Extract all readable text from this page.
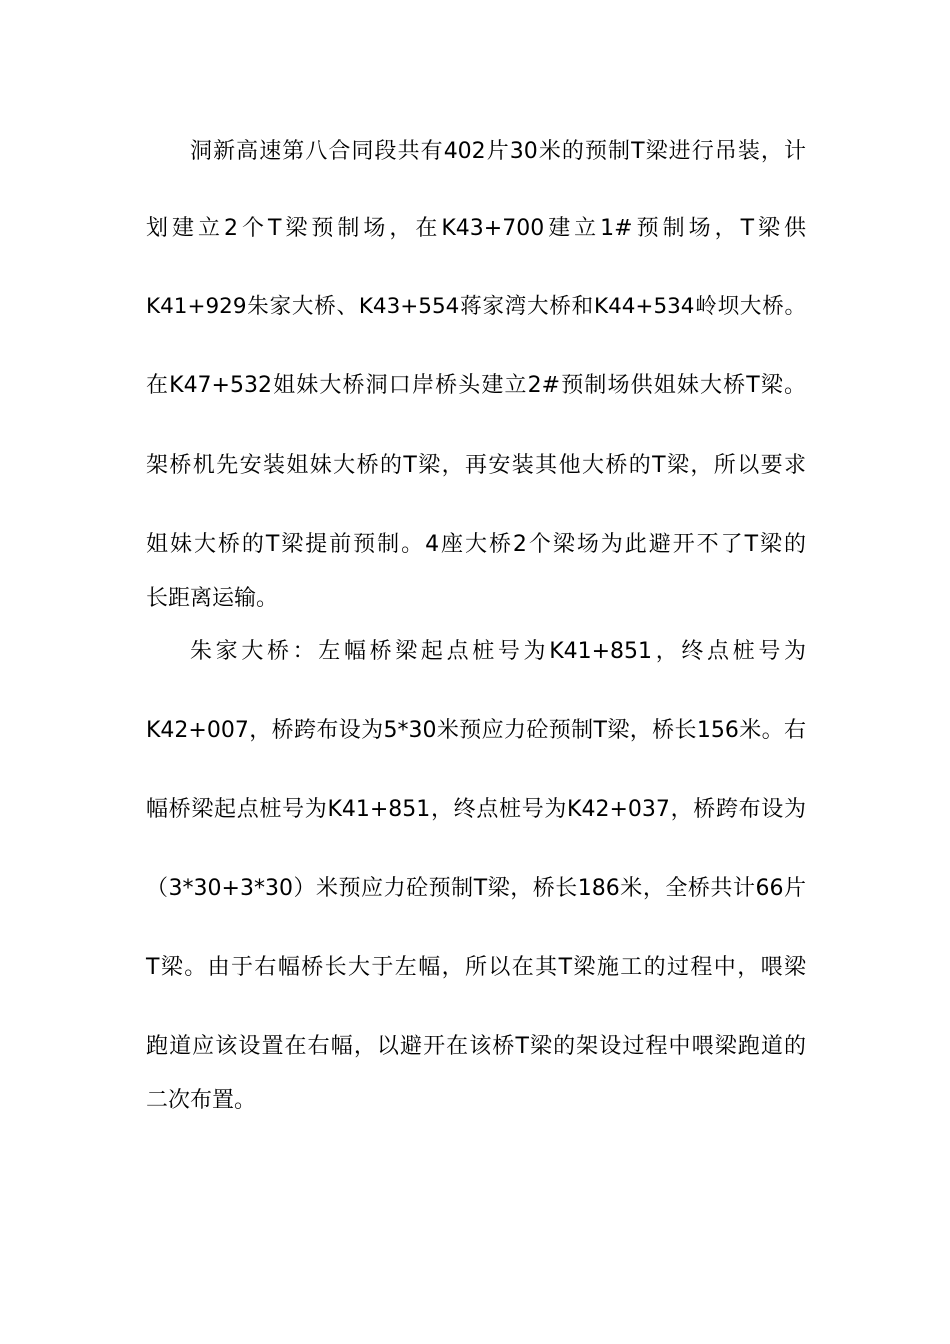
洞新高速第八合同段共有402片30米的预制T梁进行吊装，计
划建立2个T梁预制场，在K43+700建立1#预制场，T梁供
K41+929朱家大桥、K43+554蒋家湾大桥和K44+534岭坝大桥。
在K47+532姐妹大桥洞口岸桥头建立2#预制场供姐妹大桥T梁。
架桥机先安装姐妹大桥的T梁，再安装其他大桥的T梁，所以要求
姐妹大桥的T梁提前预制。4座大桥2个梁场为此避开不了T梁的
长距离运输。
朱家大桥：左幅桥梁起点桩号为K41+851，终点桩号为
K42+007，桥跨布设为5*30米预应力砼预制T梁，桥长156米。右
幅桥梁起点桩号为K41+851，终点桩号为K42+037，桥跨布设为
（3*30+3*30）米预应力砼预制T梁，桥长186米，全桥共计66片
T梁。由于右幅桥长大于左幅，所以在其T梁施工的过程中，喂梁
跑道应该设置在右幅，以避开在该桥T梁的架设过程中喂梁跑道的
二次布置。
